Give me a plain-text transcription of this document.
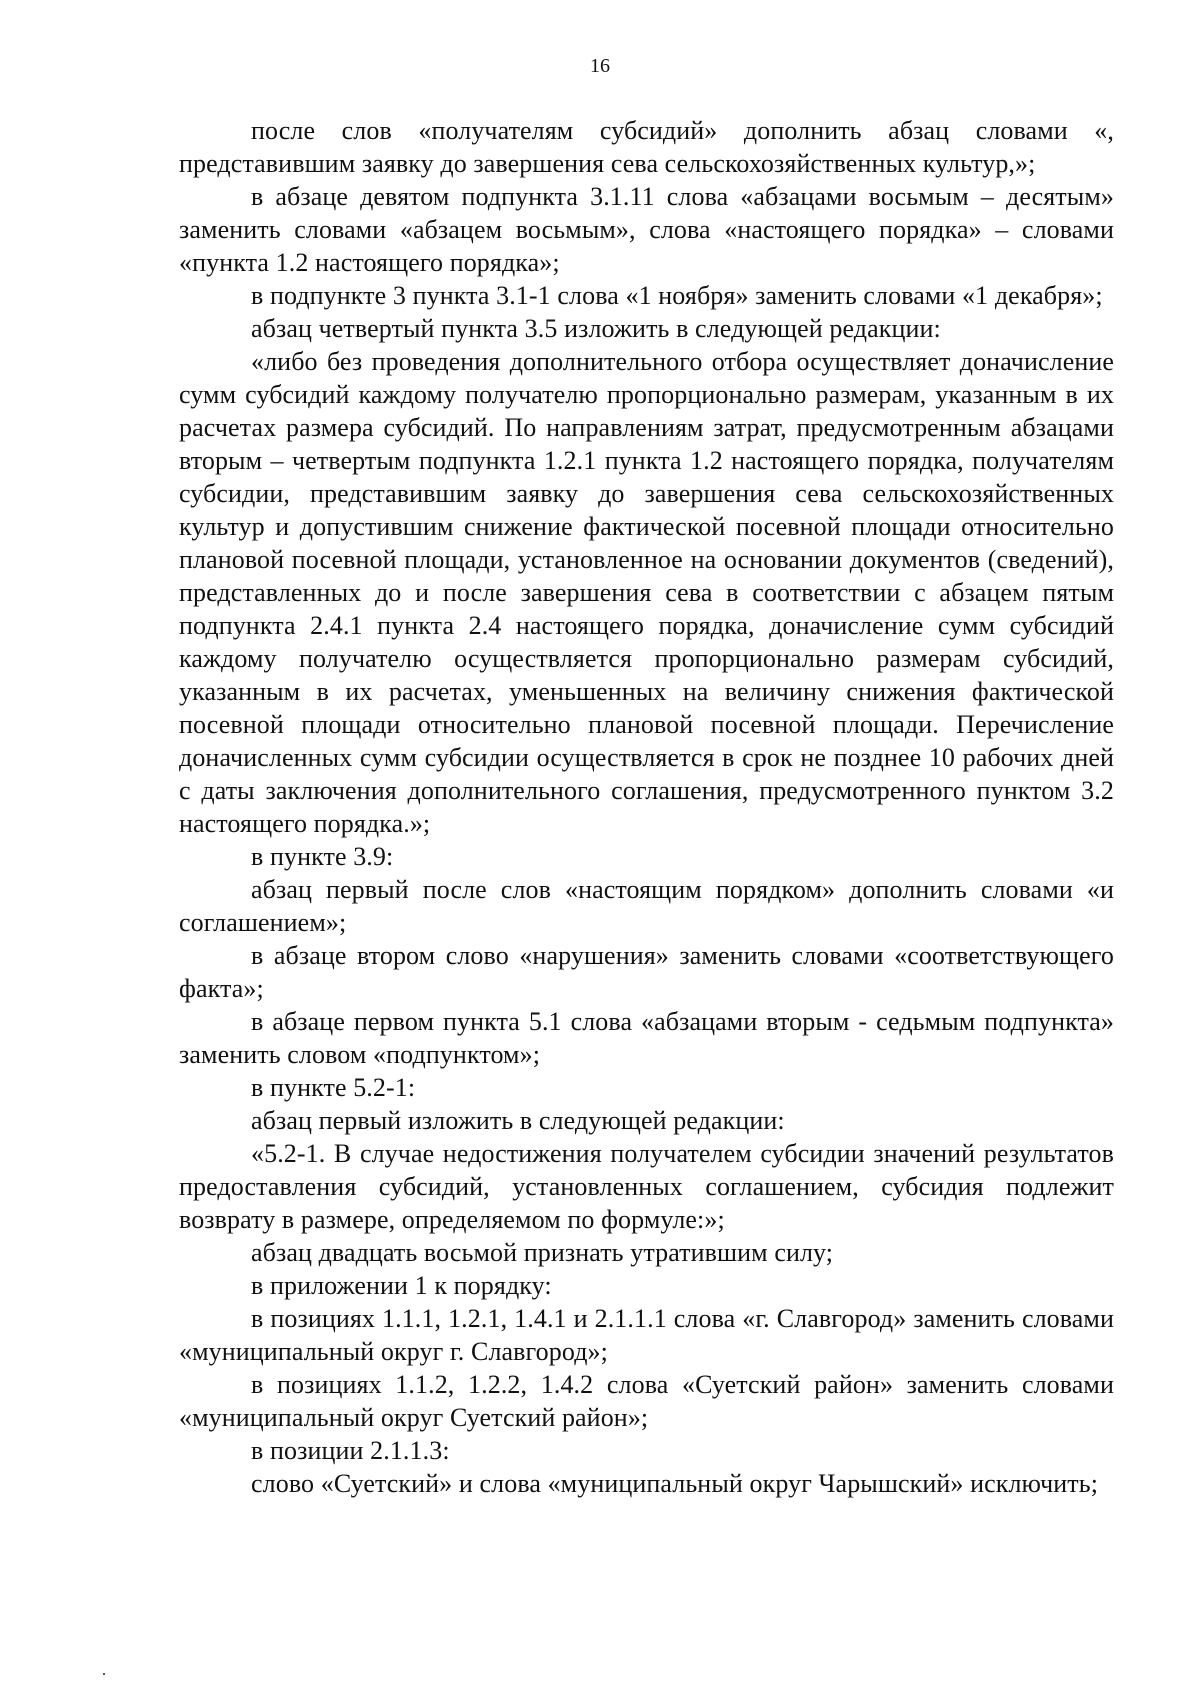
16

после слов «получателям субсидий» дополнить абзац словами «, представившим заявку до завершения сева сельскохозяйственных культур,»;

в абзаце девятом подпункта 3.1.11 слова «абзацами восьмым – десятым» заменить словами «абзацем восьмым», слова «настоящего порядка» – словами «пункта 1.2 настоящего порядка»;

в подпункте 3 пункта 3.1-1 слова «1 ноября» заменить словами «1 декабря»;

абзац четвертый пункта 3.5 изложить в следующей редакции:

«либо без проведения дополнительного отбора осуществляет доначисление сумм субсидий каждому получателю пропорционально размерам, указанным в их расчетах размера субсидий. По направлениям затрат, предусмотренным абзацами вторым – четвертым подпункта 1.2.1 пункта 1.2 настоящего порядка, получателям субсидии, представившим заявку до завершения сева сельскохозяйственных культур и допустившим снижение фактической посевной площади относительно плановой посевной площади, установленное на основании документов (сведений), представленных до и после завершения сева в соответствии с абзацем пятым подпункта 2.4.1 пункта 2.4 настоящего порядка, доначисление сумм субсидий каждому получателю осуществляется пропорционально размерам субсидий, указанным в их расчетах, уменьшенных на величину снижения фактической посевной площади относительно плановой посевной площади. Перечисление доначисленных сумм субсидии осуществляется в срок не позднее 10 рабочих дней с даты заключения дополнительного соглашения, предусмотренного пунктом 3.2 настоящего порядка.»;

в пункте 3.9:

абзац первый после слов «настоящим порядком» дополнить словами «и соглашением»;

в абзаце втором слово «нарушения» заменить словами «соответствующего факта»;

в абзаце первом пункта 5.1 слова «абзацами вторым - седьмым подпункта» заменить словом «подпунктом»;

в пункте 5.2-1:

абзац первый изложить в следующей редакции:

«5.2-1. В случае недостижения получателем субсидии значений результатов предоставления субсидий, установленных соглашением, субсидия подлежит возврату в размере, определяемом по формуле:»;

абзац двадцать восьмой признать утратившим силу;

в приложении 1 к порядку:

в позициях 1.1.1, 1.2.1, 1.4.1 и 2.1.1.1 слова «г. Славгород» заменить словами «муниципальный округ г. Славгород»;

в позициях 1.1.2, 1.2.2, 1.4.2 слова «Суетский район» заменить словами «муниципальный округ Суетский район»;

в позиции 2.1.1.3:

слово «Суетский» и слова «муниципальный округ Чарышский» исключить;
